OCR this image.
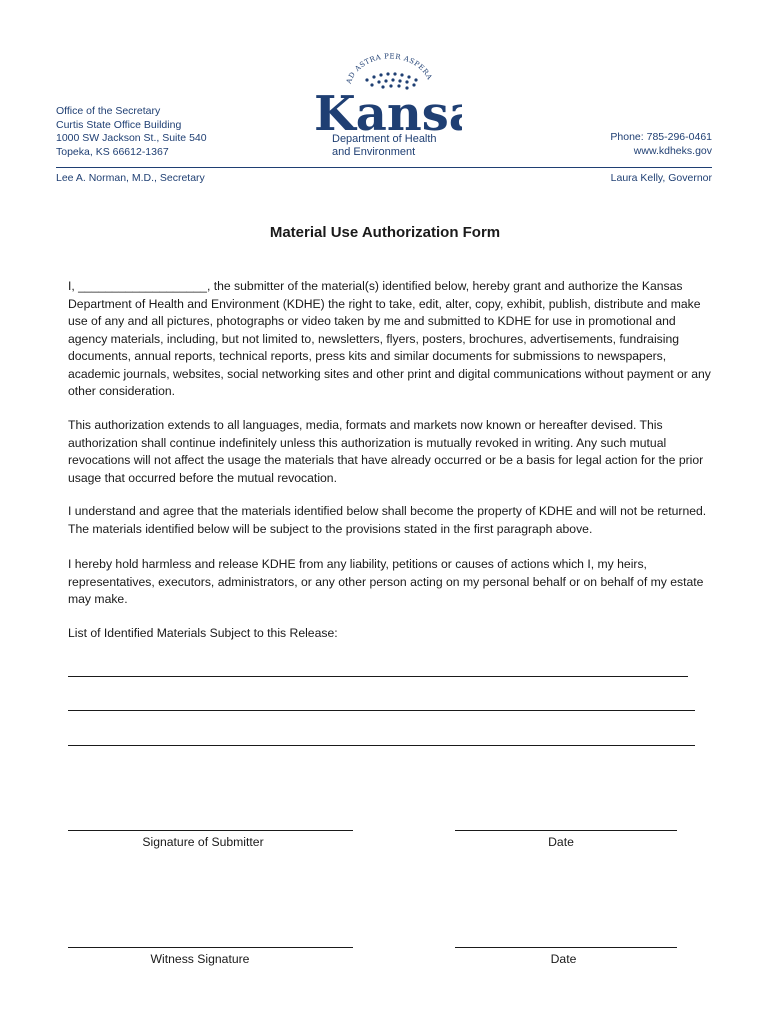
Office of the Secretary
Curtis State Office Building
1000 SW Jackson St., Suite 540
Topeka, KS 66612-1367
AD ASTRA PER ASPERA
Kans
Department of Health
and Environment
Phone: 785-296-0461
www.kdheks.gov
Lee A. Norman, M.D., Secretary	Laura Kelly, Governor
Material Use Authorization Form
I, ___________________, the submitter of the material(s) identified below, hereby grant and authorize the Kansas Department of Health and Environment (KDHE) the right to take, edit, alter, copy, exhibit, publish, distribute and make use of any and all pictures, photographs or video taken by me and submitted to KDHE for use in promotional and agency materials, including, but not limited to, newsletters, flyers, posters, brochures, advertisements, fundraising documents, annual reports, technical reports, press kits and similar documents for submissions to newspapers, academic journals, websites, social networking sites and other print and digital communications without payment or any other consideration.
This authorization extends to all languages, media, formats and markets now known or hereafter devised. This authorization shall continue indefinitely unless this authorization is mutually revoked in writing. Any such mutual revocations will not affect the usage the materials that have already occurred or be a basis for legal action for the prior usage that occurred before the mutual revocation.
I understand and agree that the materials identified below shall become the property of KDHE and will not be returned. The materials identified below will be subject to the provisions stated in the first paragraph above.
I hereby hold harmless and release KDHE from any liability, petitions or causes of actions which I, my heirs, representatives, executors, administrators, or any other person acting on my personal behalf or on behalf of my estate may make.
List of Identified Materials Subject to this Release:
Signature of Submitter	Date
Witness Signature	Date
